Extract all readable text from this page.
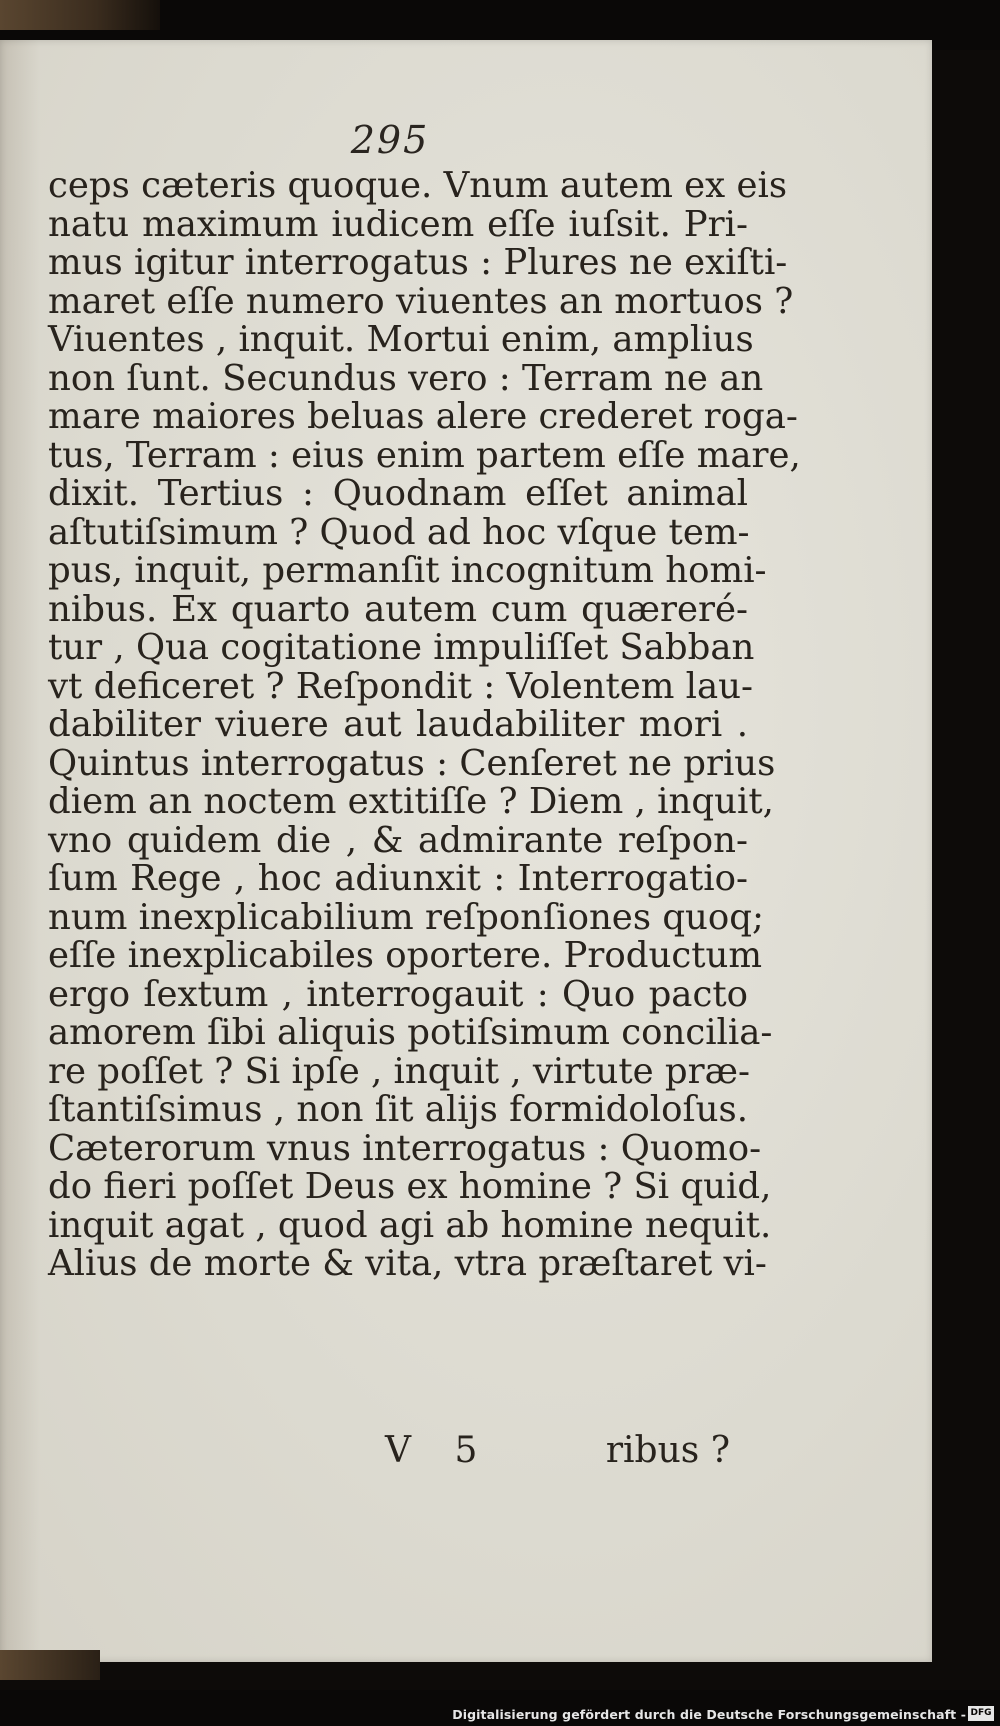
295
ceps cæteris quoque. Vnum autem ex eis
natu maximum iudicem eſſe iuſsit. Pri-
mus igitur interrogatus : Plures ne exiſti-
maret eſſe numero viuentes an mortuos ?
Viuentes , inquit. Mortui enim, amplius
non ſunt. Secundus vero : Terram ne an
mare maiores beluas alere crederet roga-
tus, Terram : eius enim partem eſſe mare,
dixit. Tertius : Quodnam eſſet animal
aſtutiſsimum ? Quod ad hoc vſque tem-
pus, inquit, permanſit incognitum homi-
nibus. Ex quarto autem cum quæreré-
tur , Qua cogitatione impuliſſet Sabban
vt deficeret ? Reſpondit : Volentem lau-
dabiliter viuere aut laudabiliter mori .
Quintus interrogatus : Cenſeret ne prius
diem an noctem extitiſſe ? Diem , inquit,
vno quidem die , & admirante reſpon-
ſum Rege , hoc adiunxit : Interrogatio-
num inexplicabilium reſponſiones quoq;
eſſe inexplicabiles oportere. Productum
ergo ſextum , interrogauit : Quo pacto
amorem ſibi aliquis potiſsimum concilia-
re poſſet ? Si ipſe , inquit , virtute præ-
ſtantiſsimus , non ſit alijs formidoloſus.
Cæterorum vnus interrogatus : Quomo-
do fieri poſſet Deus ex homine ? Si quid,
inquit agat , quod agi ab homine nequit.
Alius de morte & vita, vtra præſtaret vi-
V 5	ribus ?
Digitalisierung gefördert durch die Deutsche Forschungsgemeinschaft - DFG
